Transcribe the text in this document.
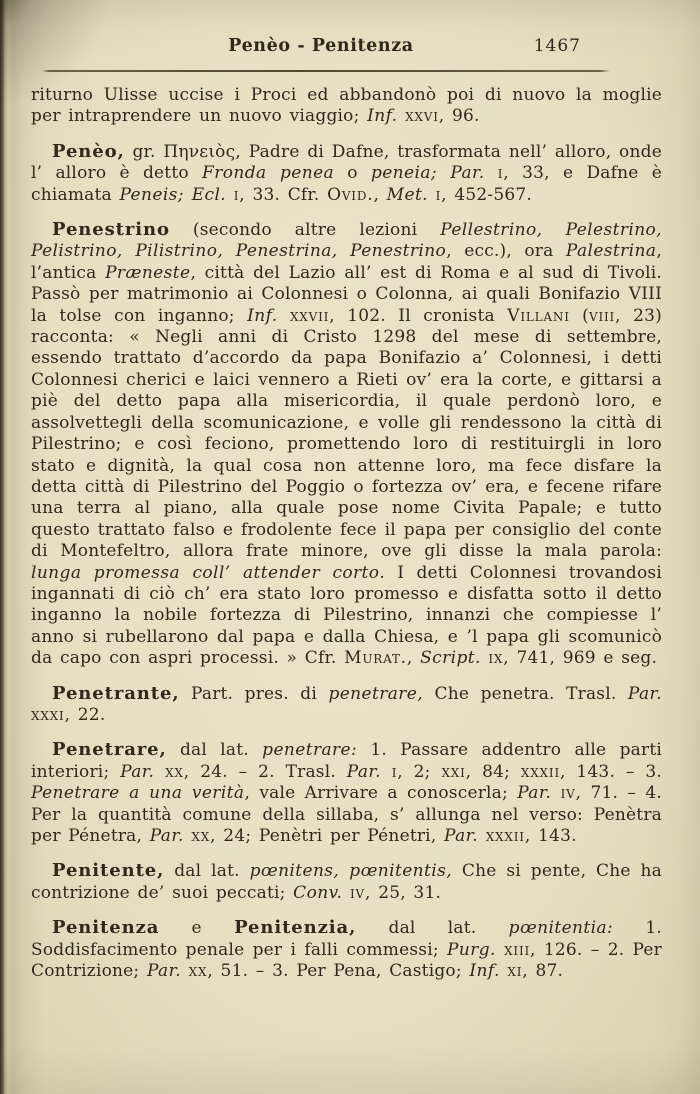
Penèo - Penitenza	1467

riturno Ulisse uccise i Proci ed abbandonò poi di nuovo la moglie per intraprendere un nuovo viaggio; Inf. xxvi, 96.

Penèo, gr. Πηνειὸς, Padre di Dafne, trasformata nell’ alloro, onde l’ alloro è detto Fronda penea o peneia; Par. i, 33, e Dafne è chiamata Peneis; Ecl. i, 33. Cfr. Ovid., Met. i, 452-567.

Penestrino (secondo altre lezioni Pellestrino, Pelestrino, Pelistrino, Pilistrino, Penestrina, Penestrino, ecc.), ora Palestrina, l’antica Præneste, città del Lazio all’ est di Roma e al sud di Tivoli. Passò per matrimonio ai Colonnesi o Colonna, ai quali Bonifazio VIII la tolse con inganno; Inf. xxvii, 102. Il cronista Villani (viii, 23) racconta: « Negli anni di Cristo 1298 del mese di settembre, essendo trattato d’accordo da papa Bonifazio a’ Colonnesi, i detti Colonnesi cherici e laici vennero a Rieti ov’ era la corte, e gittarsi a piè del detto papa alla misericordia, il quale perdonò loro, e assolvettegli della scomunicazione, e volle gli rendessono la città di Pilestrino; e così feciono, promettendo loro di restituirgli in loro stato e dignità, la qual cosa non attenne loro, ma fece disfare la detta città di Pilestrino del Poggio o fortezza ov’ era, e fecene rifare una terra al piano, alla quale pose nome Civita Papale; e tutto questo trattato falso e frodolente fece il papa per consiglio del conte di Montefeltro, allora frate minore, ove gli disse la mala parola: lunga promessa coll’ attender corto. I detti Colonnesi trovandosi ingannati di ciò ch’ era stato loro promesso e disfatta sotto il detto inganno la nobile fortezza di Pilestrino, innanzi che compiesse l’ anno si rubellarono dal papa e dalla Chiesa, e ’l papa gli scomunicò da capo con aspri processi. » Cfr. Murat., Script. ix, 741, 969 e seg.

Penetrante, Part. pres. di penetrare, Che penetra. Trasl. Par. xxxi, 22.

Penetrare, dal lat. penetrare: 1. Passare addentro alle parti interiori; Par. xx, 24. – 2. Trasl. Par. i, 2; xxi, 84; xxxii, 143. – 3. Penetrare a una verità, vale Arrivare a conoscerla; Par. iv, 71. – 4. Per la quantità comune della sillaba, s’ allunga nel verso: Penètra per Pénetra, Par. xx, 24; Penètri per Pénetri, Par. xxxii, 143.

Penitente, dal lat. pœnitens, pœnitentis, Che si pente, Che ha contrizione de’ suoi peccati; Conv. iv, 25, 31.

Penitenza e Penitenzia, dal lat. pœnitentia: 1. Soddisfacimento penale per i falli commessi; Purg. xiii, 126. – 2. Per Contrizione; Par. xx, 51. – 3. Per Pena, Castigo; Inf. xi, 87.
